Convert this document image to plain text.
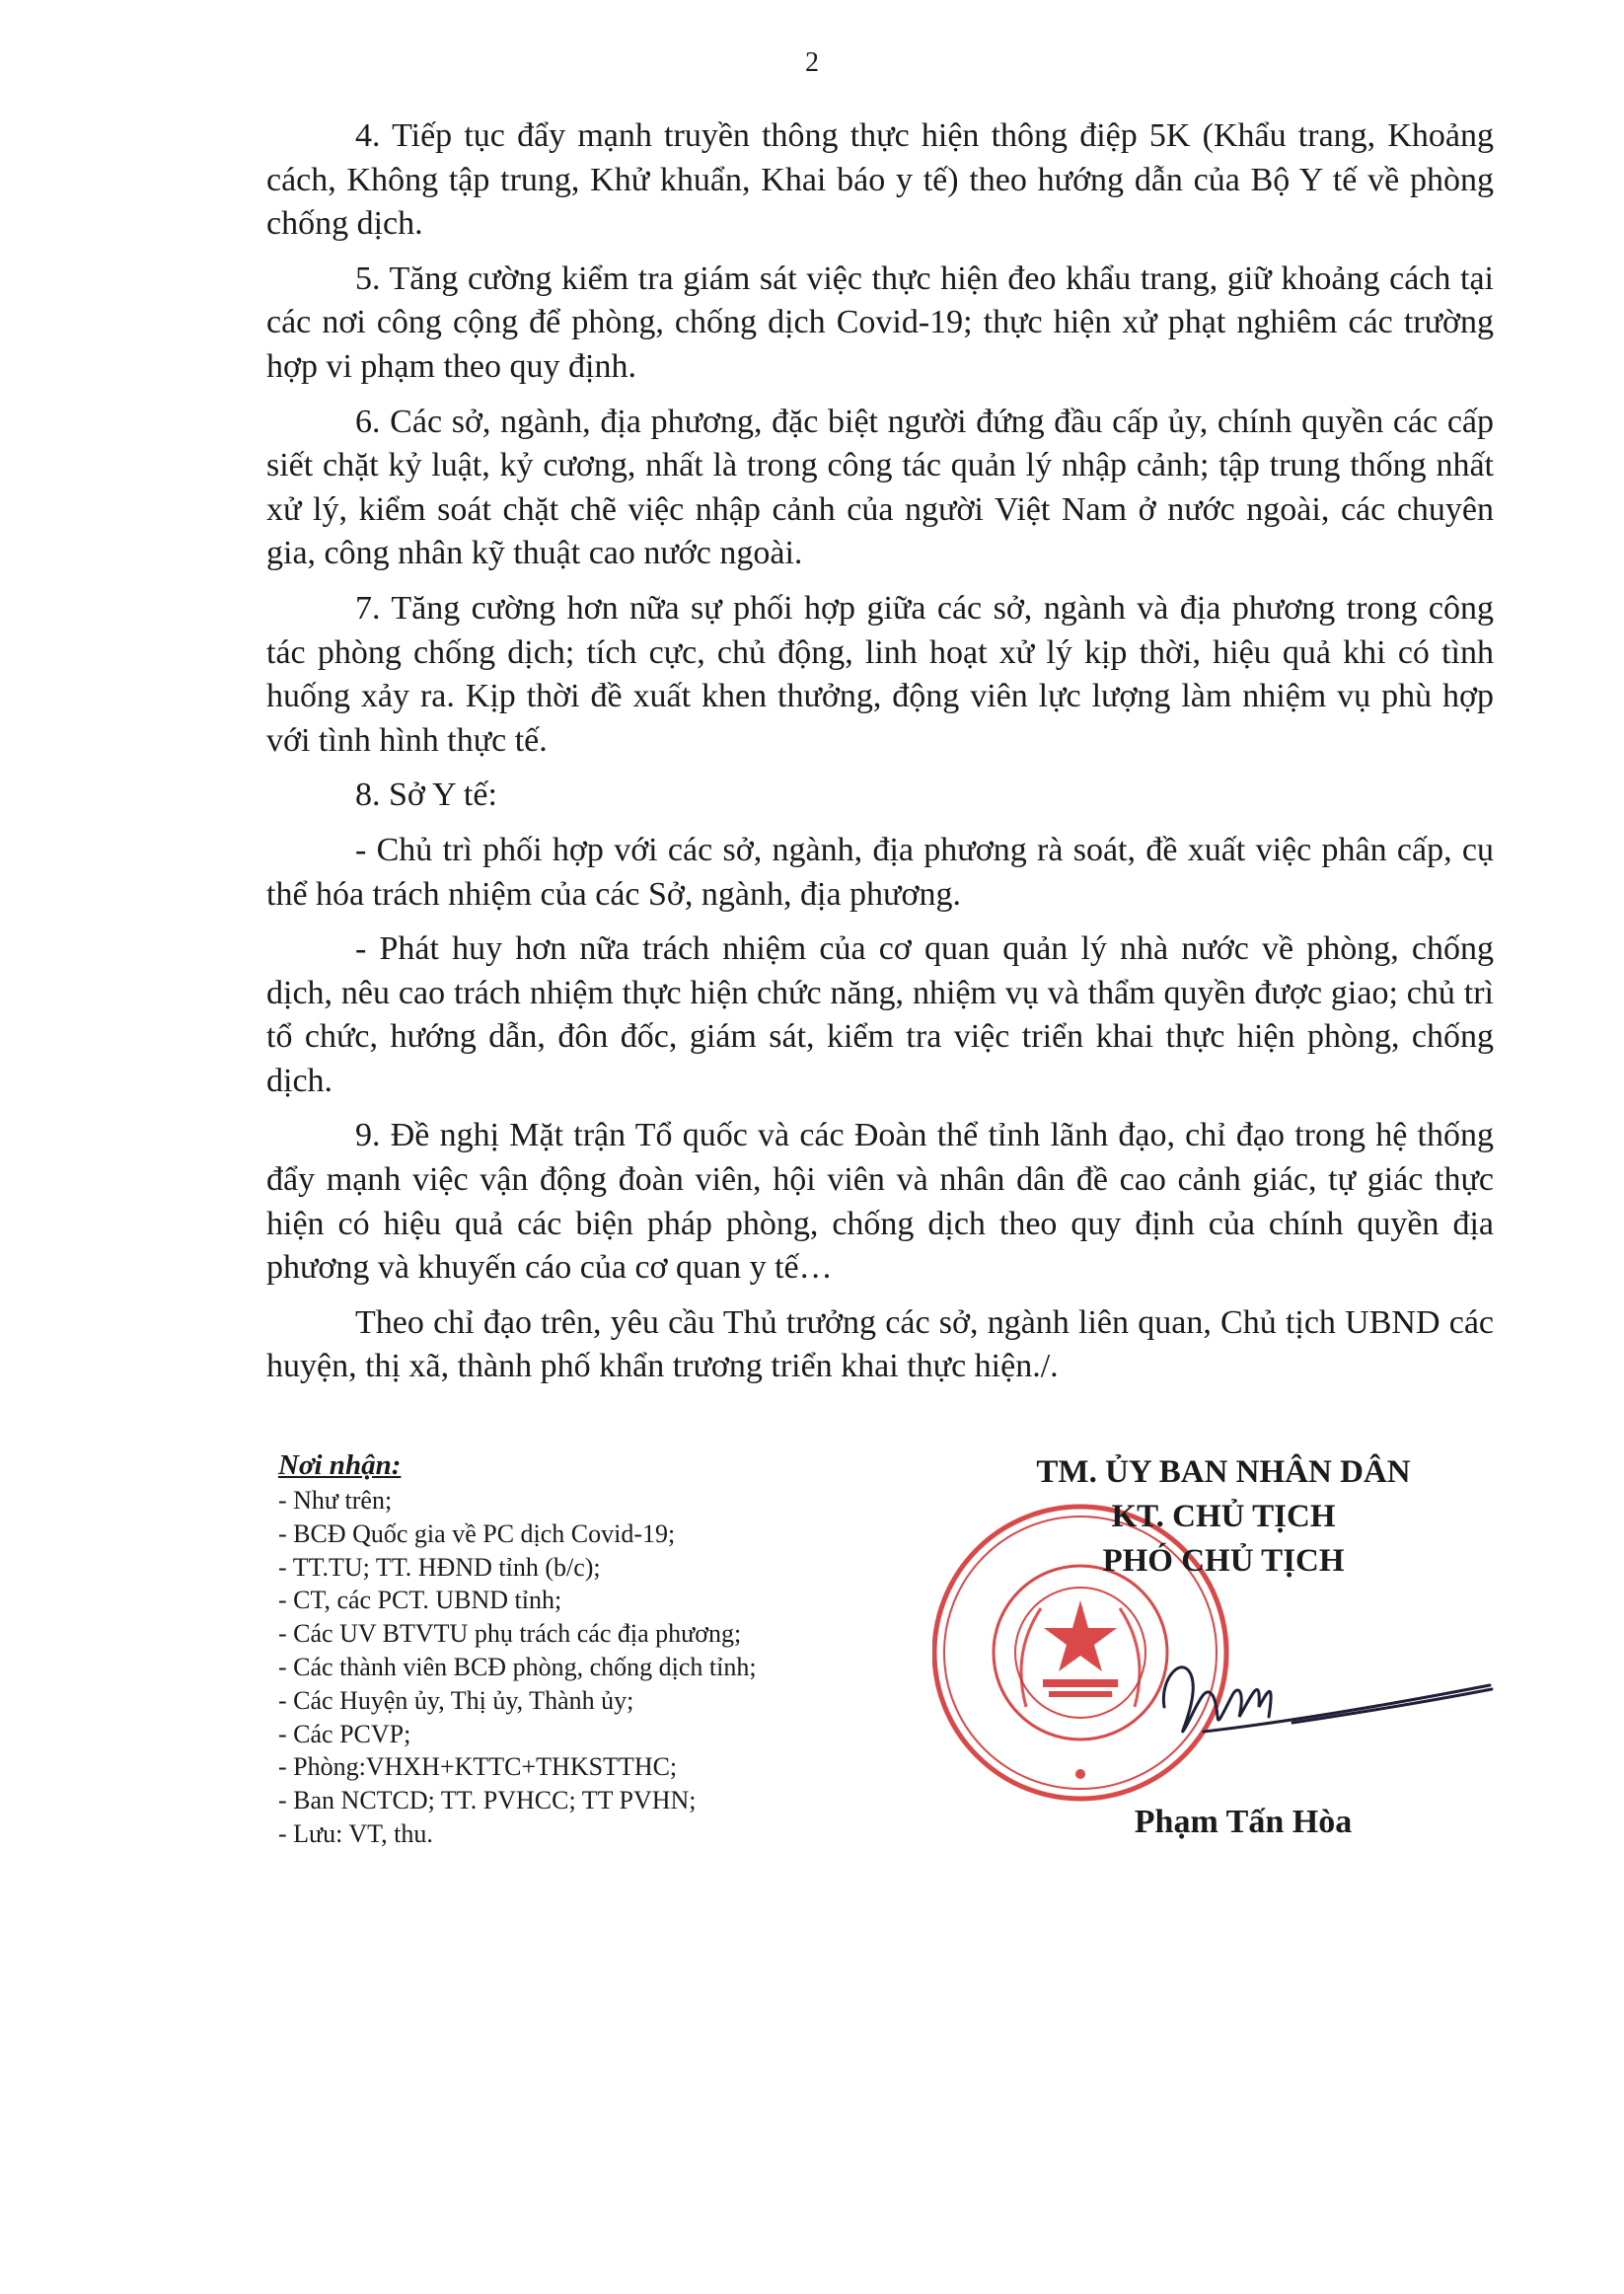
2

4. Tiếp tục đẩy mạnh truyền thông thực hiện thông điệp 5K (Khẩu trang, Khoảng cách, Không tập trung, Khử khuẩn, Khai báo y tế) theo hướng dẫn của Bộ Y tế về phòng chống dịch.

5. Tăng cường kiểm tra giám sát việc thực hiện đeo khẩu trang, giữ khoảng cách tại các nơi công cộng để phòng, chống dịch Covid-19; thực hiện xử phạt nghiêm các trường hợp vi phạm theo quy định.

6. Các sở, ngành, địa phương, đặc biệt người đứng đầu cấp ủy, chính quyền các cấp siết chặt kỷ luật, kỷ cương, nhất là trong công tác quản lý nhập cảnh; tập trung thống nhất xử lý, kiểm soát chặt chẽ việc nhập cảnh của người Việt Nam ở nước ngoài, các chuyên gia, công nhân kỹ thuật cao nước ngoài.

7. Tăng cường hơn nữa sự phối hợp giữa các sở, ngành và địa phương trong công tác phòng chống dịch; tích cực, chủ động, linh hoạt xử lý kịp thời, hiệu quả khi có tình huống xảy ra. Kịp thời đề xuất khen thưởng, động viên lực lượng làm nhiệm vụ phù hợp với tình hình thực tế.

8. Sở Y tế:

- Chủ trì phối hợp với các sở, ngành, địa phương rà soát, đề xuất việc phân cấp, cụ thể hóa trách nhiệm của các Sở, ngành, địa phương.

- Phát huy hơn nữa trách nhiệm của cơ quan quản lý nhà nước về phòng, chống dịch, nêu cao trách nhiệm thực hiện chức năng, nhiệm vụ và thẩm quyền được giao; chủ trì tổ chức, hướng dẫn, đôn đốc, giám sát, kiểm tra việc triển khai thực hiện phòng, chống dịch.

9. Đề nghị Mặt trận Tổ quốc và các Đoàn thể tỉnh lãnh đạo, chỉ đạo trong hệ thống đẩy mạnh việc vận động đoàn viên, hội viên và nhân dân đề cao cảnh giác, tự giác thực hiện có hiệu quả các biện pháp phòng, chống dịch theo quy định của chính quyền địa phương và khuyến cáo của cơ quan y tế…

Theo chỉ đạo trên, yêu cầu Thủ trưởng các sở, ngành liên quan, Chủ tịch UBND các huyện, thị xã, thành phố khẩn trương triển khai thực hiện./.

Nơi nhận:
- Như trên;
- BCĐ Quốc gia về PC dịch Covid-19;
- TT.TU; TT. HĐND tỉnh (b/c);
- CT, các PCT. UBND tỉnh;
- Các UV BTVTU phụ trách các địa phương;
- Các thành viên BCĐ phòng, chống dịch tỉnh;
- Các Huyện ủy, Thị ủy, Thành ủy;
- Các PCVP;
- Phòng:VHXH+KTTC+THKSTTHC;
- Ban NCTCD; TT. PVHCC; TT PVHN;
- Lưu: VT, thu.
TM. ỦY BAN NHÂN DÂN
KT. CHỦ TỊCH
PHÓ CHỦ TỊCH
Phạm Tấn Hòa
